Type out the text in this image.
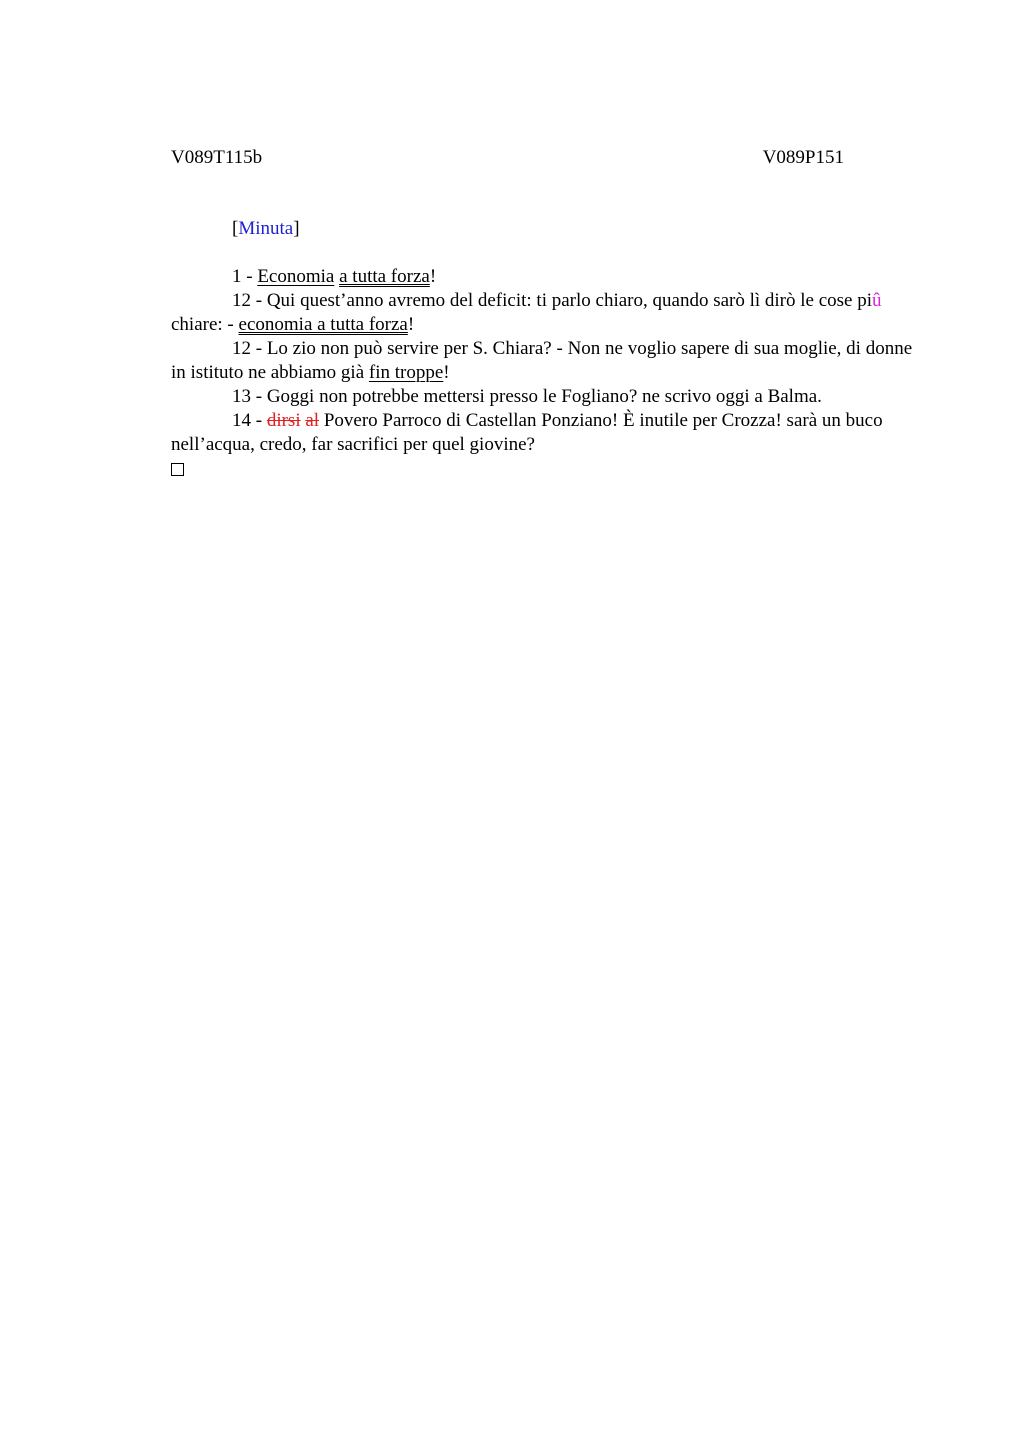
V089T115b	V089P151

[Minuta]

1 - Economia a tutta forza!

12 - Qui quest’anno avremo del deficit: ti parlo chiaro, quando sarò lì dirò le cose piû chiare: - economia a tutta forza!

12 - Lo zio non può servire per S. Chiara? - Non ne voglio sapere di sua moglie, di donne in istituto ne abbiamo già fin troppe!

13 - Goggi non potrebbe mettersi presso le Fogliano? ne scrivo oggi a Balma.

14 - dirsi al Povero Parroco di Castellan Ponziano! È inutile per Crozza! sarà un buco nell’acqua, credo, far sacrifici per quel giovine?
